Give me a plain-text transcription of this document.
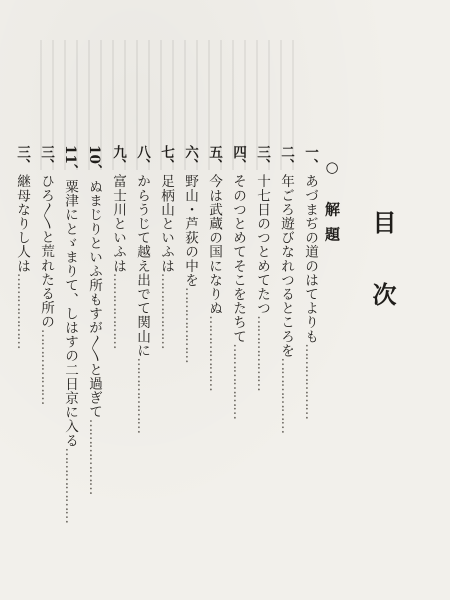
目次
○ 解題
一、あづまぢの道のはてよりも………………
二、年ごろ遊びなれつるところを………………
三、十七日のつとめてたつ………………
四、そのつとめてそこをたちて………………
五、今は武蔵の国になりぬ………………
六、野山・芦荻の中を………………
七、足柄山といふは………………
八、からうじて越え出でて関山に………………
九、富士川といふは………………
10、ぬまじりといふ所もすが〳〵と過ぎて………………
11、粟津にとゞまりて、しはすの二日京に入る………………
三、ひろ〳〵と荒れたる所の………………
三、継母なりし人は………………
